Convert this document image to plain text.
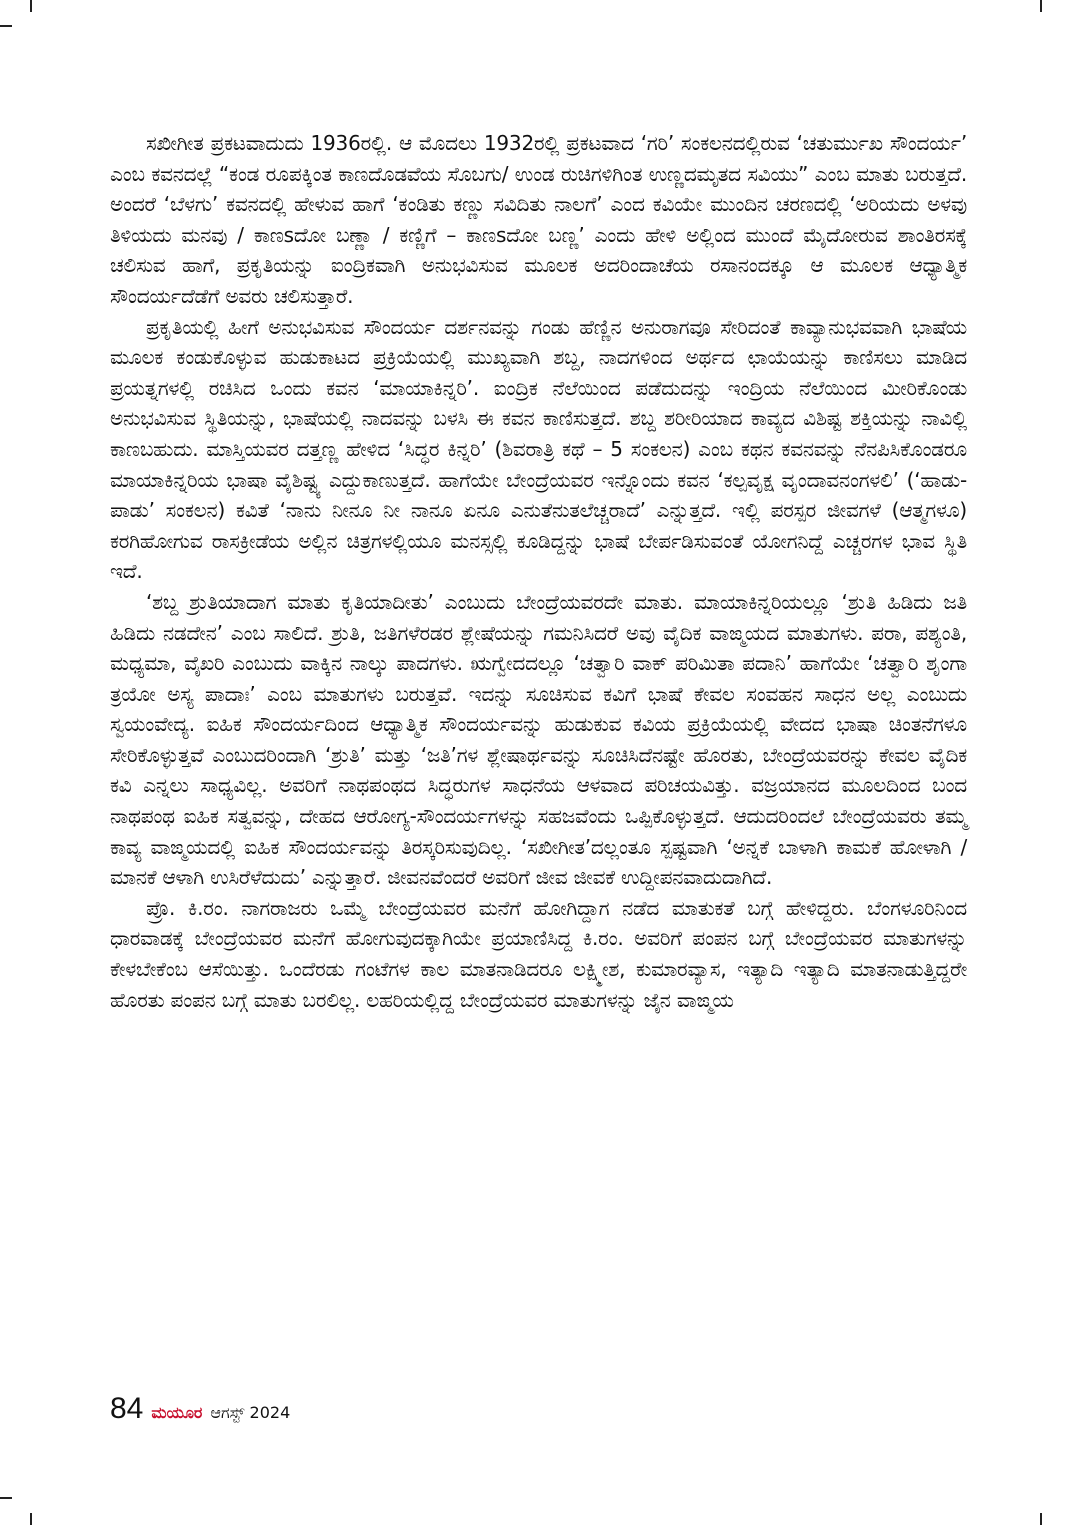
ಸಖೀಗೀತ ಪ್ರಕಟವಾದುದು 1936ರಲ್ಲಿ. ಆ ಮೊದಲು 1932ರಲ್ಲಿ ಪ್ರಕಟವಾದ ‘ಗರಿ’ ಸಂಕಲನದಲ್ಲಿರುವ ‘ಚತುರ್ಮುಖ ಸೌಂದರ್ಯ’ ಎಂಬ ಕವನದಲ್ಲೆ “ಕಂಡ ರೂಪಕ್ಕಿಂತ ಕಾಣದೊಡವೆಯ ಸೊಬಗು/ ಉಂಡ ರುಚಿಗಳಿಗಿಂತ ಉಣ್ಣದಮೃತದ ಸವಿಯು” ಎಂಬ ಮಾತು ಬರುತ್ತದೆ. ಅಂದರೆ ‘ಬೆಳಗು’ ಕವನದಲ್ಲಿ ಹೇಳುವ ಹಾಗೆ ‘ಕಂಡಿತು ಕಣ್ಣು ಸವಿದಿತು ನಾಲಗೆ’ ಎಂದ ಕವಿಯೇ ಮುಂದಿನ ಚರಣದಲ್ಲಿ ‘ಅರಿಯದು ಅಳವು ತಿಳಿಯದು ಮನವು / ಕಾಣsದೋ ಬಣ್ಣಾ / ಕಣ್ಣಿಗೆ – ಕಾಣsದೋ ಬಣ್ಣ’ ಎಂದು ಹೇಳಿ ಅಲ್ಲಿಂದ ಮುಂದೆ ಮೈದೋರುವ ಶಾಂತಿರಸಕ್ಕೆ ಚಲಿಸುವ ಹಾಗೆ, ಪ್ರಕೃತಿಯನ್ನು ಐಂದ್ರಿಕವಾಗಿ ಅನುಭವಿಸುವ ಮೂಲಕ ಅದರಿಂದಾಚೆಯ ರಸಾನಂದಕ್ಕೂ ಆ ಮೂಲಕ ಆಧ್ಯಾತ್ಮಿಕ ಸೌಂದರ್ಯದೆಡೆಗೆ ಅವರು ಚಲಿಸುತ್ತಾರೆ.

ಪ್ರಕೃತಿಯಲ್ಲಿ ಹೀಗೆ ಅನುಭವಿಸುವ ಸೌಂದರ್ಯ ದರ್ಶನವನ್ನು ಗಂಡು ಹೆಣ್ಣಿನ ಅನುರಾಗವೂ ಸೇರಿದಂತೆ ಕಾವ್ಯಾನುಭವವಾಗಿ ಭಾಷೆಯ ಮೂಲಕ ಕಂಡುಕೊಳ್ಳುವ ಹುಡುಕಾಟದ ಪ್ರಕ್ರಿಯೆಯಲ್ಲಿ ಮುಖ್ಯವಾಗಿ ಶಬ್ದ, ನಾದಗಳಿಂದ ಅರ್ಥದ ಛಾಯೆಯನ್ನು ಕಾಣಿಸಲು ಮಾಡಿದ ಪ್ರಯತ್ನಗಳಲ್ಲಿ ರಚಿಸಿದ ಒಂದು ಕವನ ‘ಮಾಯಾಕಿನ್ನರಿ’. ಐಂದ್ರಿಕ ನೆಲೆಯಿಂದ ಪಡೆದುದನ್ನು ಇಂದ್ರಿಯ ನೆಲೆಯಿಂದ ಮೀರಿಕೊಂಡು ಅನುಭವಿಸುವ ಸ್ಥಿತಿಯನ್ನು, ಭಾಷೆಯಲ್ಲಿ ನಾದವನ್ನು ಬಳಸಿ ಈ ಕವನ ಕಾಣಿಸುತ್ತದೆ. ಶಬ್ದ ಶರೀರಿಯಾದ ಕಾವ್ಯದ ವಿಶಿಷ್ಟ ಶಕ್ತಿಯನ್ನು ನಾವಿಲ್ಲಿ ಕಾಣಬಹುದು. ಮಾಸ್ತಿಯವರ ದತ್ತಣ್ಣ ಹೇಳಿದ ‘ಸಿದ್ಧರ ಕಿನ್ನರಿ’ (ಶಿವರಾತ್ರಿ ಕಥೆ – 5 ಸಂಕಲನ) ಎಂಬ ಕಥನ ಕವನವನ್ನು ನೆನಪಿಸಿಕೊಂಡರೂ ಮಾಯಾಕಿನ್ನರಿಯ ಭಾಷಾ ವೈಶಿಷ್ಟ್ಯ ಎದ್ದುಕಾಣುತ್ತದೆ. ಹಾಗೆಯೇ ಬೇಂದ್ರೆಯವರ ಇನ್ನೊಂದು ಕವನ ‘ಕಲ್ಪವೃಕ್ಷ ವೃಂದಾವನಂಗಳಲಿ’ (‘ಹಾಡು-ಪಾಡು’ ಸಂಕಲನ) ಕವಿತೆ ‘ನಾನು ನೀನೂ ನೀ ನಾನೂ ಏನೂ ಎನುತೆನುತಲೆಚ್ಚರಾದೆ’ ಎನ್ನುತ್ತದೆ. ಇಲ್ಲಿ ಪರಸ್ಪರ ಜೀವಗಳೆ (ಆತ್ಮಗಳೂ) ಕರಗಿಹೋಗುವ ರಾಸಕ್ರೀಡೆಯ ಅಲ್ಲಿನ ಚಿತ್ರಗಳಲ್ಲಿಯೂ ಮನಸ್ಸಲ್ಲಿ ಕೂಡಿದ್ದನ್ನು ಭಾಷೆ ಬೇರ್ಪಡಿಸುವಂತೆ ಯೋಗನಿದ್ದೆ ಎಚ್ಚರಗಳ ಭಾವ ಸ್ಥಿತಿ ಇದೆ.

‘ಶಬ್ದ ಶ್ರುತಿಯಾದಾಗ ಮಾತು ಕೃತಿಯಾದೀತು’ ಎಂಬುದು ಬೇಂದ್ರೆಯವರದೇ ಮಾತು. ಮಾಯಾಕಿನ್ನರಿಯಲ್ಲೂ ‘ಶ್ರುತಿ ಹಿಡಿದು ಜತಿ ಹಿಡಿದು ನಡದೇನ’ ಎಂಬ ಸಾಲಿದೆ. ಶ್ರುತಿ, ಜತಿಗಳೆರಡರ ಶ್ಲೇಷೆಯನ್ನು ಗಮನಿಸಿದರೆ ಅವು ವೈದಿಕ ವಾಙ್ಮಯದ ಮಾತುಗಳು. ಪರಾ, ಪಶ್ಯಂತಿ, ಮಧ್ಯಮಾ, ವೈಖರಿ ಎಂಬುದು ವಾಕ್ಕಿನ ನಾಲ್ಕು ಪಾದಗಳು. ಋಗ್ವೇದದಲ್ಲೂ ‘ಚತ್ವಾರಿ ವಾಕ್ ಪರಿಮಿತಾ ಪದಾನಿ’ ಹಾಗೆಯೇ ‘ಚತ್ವಾರಿ ಶೃಂಗಾ ತ್ರಯೋ ಅಸ್ಯ ಪಾದಾಃ’ ಎಂಬ ಮಾತುಗಳು ಬರುತ್ತವೆ. ಇದನ್ನು ಸೂಚಿಸುವ ಕವಿಗೆ ಭಾಷೆ ಕೇವಲ ಸಂವಹನ ಸಾಧನ ಅಲ್ಲ ಎಂಬುದು ಸ್ವಯಂವೇದ್ಯ. ಐಹಿಕ ಸೌಂದರ್ಯದಿಂದ ಆಧ್ಯಾತ್ಮಿಕ ಸೌಂದರ್ಯವನ್ನು ಹುಡುಕುವ ಕವಿಯ ಪ್ರಕ್ರಿಯೆಯಲ್ಲಿ ವೇದದ ಭಾಷಾ ಚಿಂತನೆಗಳೂ ಸೇರಿಕೊಳ್ಳುತ್ತವೆ ಎಂಬುದರಿಂದಾಗಿ ‘ಶ್ರುತಿ’ ಮತ್ತು ‘ಜತಿ’ಗಳ ಶ್ಲೇಷಾರ್ಥವನ್ನು ಸೂಚಿಸಿದೆನಷ್ಟೇ ಹೊರತು, ಬೇಂದ್ರೆಯವರನ್ನು ಕೇವಲ ವೈದಿಕ ಕವಿ ಎನ್ನಲು ಸಾಧ್ಯವಿಲ್ಲ. ಅವರಿಗೆ ನಾಥಪಂಥದ ಸಿದ್ಧರುಗಳ ಸಾಧನೆಯ ಆಳವಾದ ಪರಿಚಯವಿತ್ತು. ವಜ್ರಯಾನದ ಮೂಲದಿಂದ ಬಂದ ನಾಥಪಂಥ ಐಹಿಕ ಸತ್ವವನ್ನು, ದೇಹದ ಆರೋಗ್ಯ-ಸೌಂದರ್ಯಗಳನ್ನು ಸಹಜವೆಂದು ಒಪ್ಪಿಕೊಳ್ಳುತ್ತದೆ. ಆದುದರಿಂದಲೆ ಬೇಂದ್ರೆಯವರು ತಮ್ಮ ಕಾವ್ಯ ವಾಙ್ಮಯದಲ್ಲಿ ಐಹಿಕ ಸೌಂದರ್ಯವನ್ನು ತಿರಸ್ಕರಿಸುವುದಿಲ್ಲ. ‘ಸಖೀಗೀತ’ದಲ್ಲಂತೂ ಸ್ಪಷ್ಟವಾಗಿ ‘ಅನ್ನಕೆ ಬಾಳಾಗಿ ಕಾಮಕೆ ಹೋಳಾಗಿ / ಮಾನಕೆ ಆಳಾಗಿ ಉಸಿರೆಳೆದುದು’ ಎನ್ನುತ್ತಾರೆ. ಜೀವನವೆಂದರೆ ಅವರಿಗೆ ಜೀವ ಜೀವಕೆ ಉದ್ದೀಪನವಾದುದಾಗಿದೆ.

ಪ್ರೊ. ಕಿ.ರಂ. ನಾಗರಾಜರು ಒಮ್ಮೆ ಬೇಂದ್ರೆಯವರ ಮನೆಗೆ ಹೋಗಿದ್ದಾಗ ನಡೆದ ಮಾತುಕತೆ ಬಗ್ಗೆ ಹೇಳಿದ್ದರು. ಬೆಂಗಳೂರಿನಿಂದ ಧಾರವಾಡಕ್ಕೆ ಬೇಂದ್ರೆಯವರ ಮನೆಗೆ ಹೋಗುವುದಕ್ಕಾಗಿಯೇ ಪ್ರಯಾಣಿಸಿದ್ದ ಕಿ.ರಂ. ಅವರಿಗೆ ಪಂಪನ ಬಗ್ಗೆ ಬೇಂದ್ರೆಯವರ ಮಾತುಗಳನ್ನು ಕೇಳಬೇಕೆಂಬ ಆಸೆಯಿತ್ತು. ಒಂದೆರಡು ಗಂಟೆಗಳ ಕಾಲ ಮಾತನಾಡಿದರೂ ಲಕ್ಷ್ಮೀಶ, ಕುಮಾರವ್ಯಾಸ, ಇತ್ಯಾದಿ ಇತ್ಯಾದಿ ಮಾತನಾಡುತ್ತಿದ್ದರೇ ಹೊರತು ಪಂಪನ ಬಗ್ಗೆ ಮಾತು ಬರಲಿಲ್ಲ. ಲಹರಿಯಲ್ಲಿದ್ದ ಬೇಂದ್ರೆಯವರ ಮಾತುಗಳನ್ನು ಜೈನ ವಾಙ್ಮಯ

84 ಮಯೂರ ಆಗಸ್ಟ್ 2024
